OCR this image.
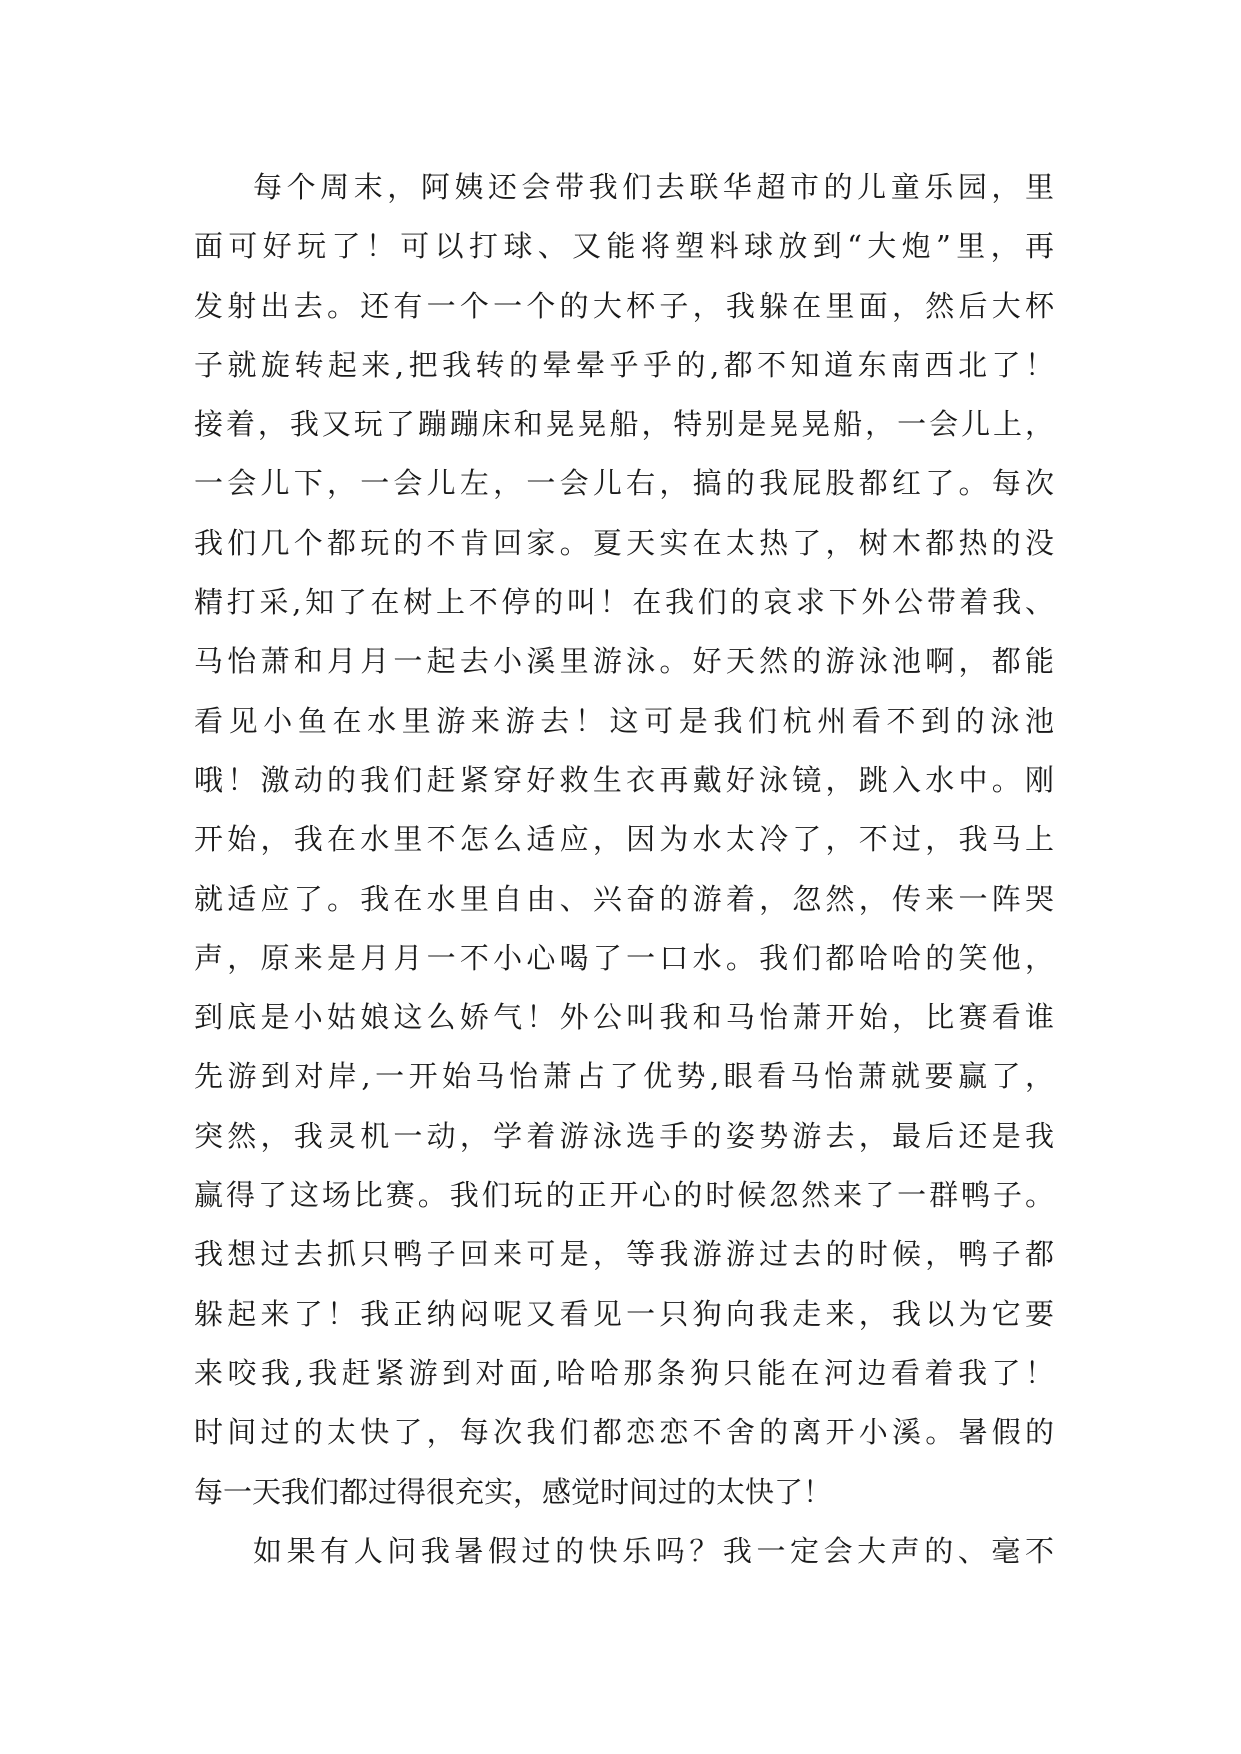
每个周末，阿姨还会带我们去联华超市的儿童乐园，里
面可好玩了！可以打球、又能将塑料球放到“大炮”里，再
发射出去。还有一个一个的大杯子，我躲在里面，然后大杯
子就旋转起来,把我转的晕晕乎乎的,都不知道东南西北了！
接着，我又玩了蹦蹦床和晃晃船，特别是晃晃船，一会儿上，
一会儿下，一会儿左，一会儿右，搞的我屁股都红了。每次
我们几个都玩的不肯回家。夏天实在太热了，树木都热的没
精打采,知了在树上不停的叫！在我们的哀求下外公带着我、
马怡萧和月月一起去小溪里游泳。好天然的游泳池啊，都能
看见小鱼在水里游来游去！这可是我们杭州看不到的泳池
哦！激动的我们赶紧穿好救生衣再戴好泳镜，跳入水中。刚
开始，我在水里不怎么适应，因为水太冷了，不过，我马上
就适应了。我在水里自由、兴奋的游着，忽然，传来一阵哭
声，原来是月月一不小心喝了一口水。我们都哈哈的笑他，
到底是小姑娘这么娇气！外公叫我和马怡萧开始，比赛看谁
先游到对岸,一开始马怡萧占了优势,眼看马怡萧就要赢了，
突然，我灵机一动，学着游泳选手的姿势游去，最后还是我
赢得了这场比赛。我们玩的正开心的时候忽然来了一群鸭子。
我想过去抓只鸭子回来可是，等我游游过去的时候，鸭子都
躲起来了！我正纳闷呢又看见一只狗向我走来，我以为它要
来咬我,我赶紧游到对面,哈哈那条狗只能在河边看着我了！
时间过的太快了，每次我们都恋恋不舍的离开小溪。暑假的
每一天我们都过得很充实，感觉时间过的太快了！
如果有人问我暑假过的快乐吗？我一定会大声的、毫不
